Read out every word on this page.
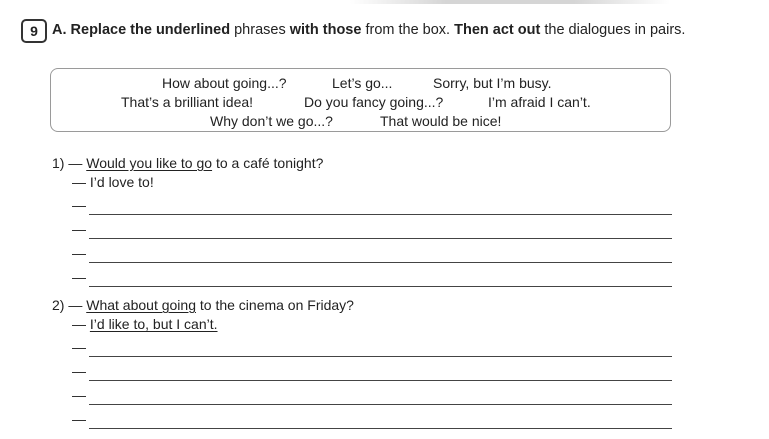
9 A. Replace the underlined phrases with those from the box. Then act out the dialogues in pairs.
How about going...?	Let’s go...	Sorry, but I’m busy.
That’s a brilliant idea!	Do you fancy going...?	I’m afraid I can’t.
Why don’t we go...?	That would be nice!
1) — Would you like to go to a café tonight?
— I’d love to!
—
—
—
—
2) — What about going to the cinema on Friday?
— I’d like to, but I can’t.
—
—
—
—
